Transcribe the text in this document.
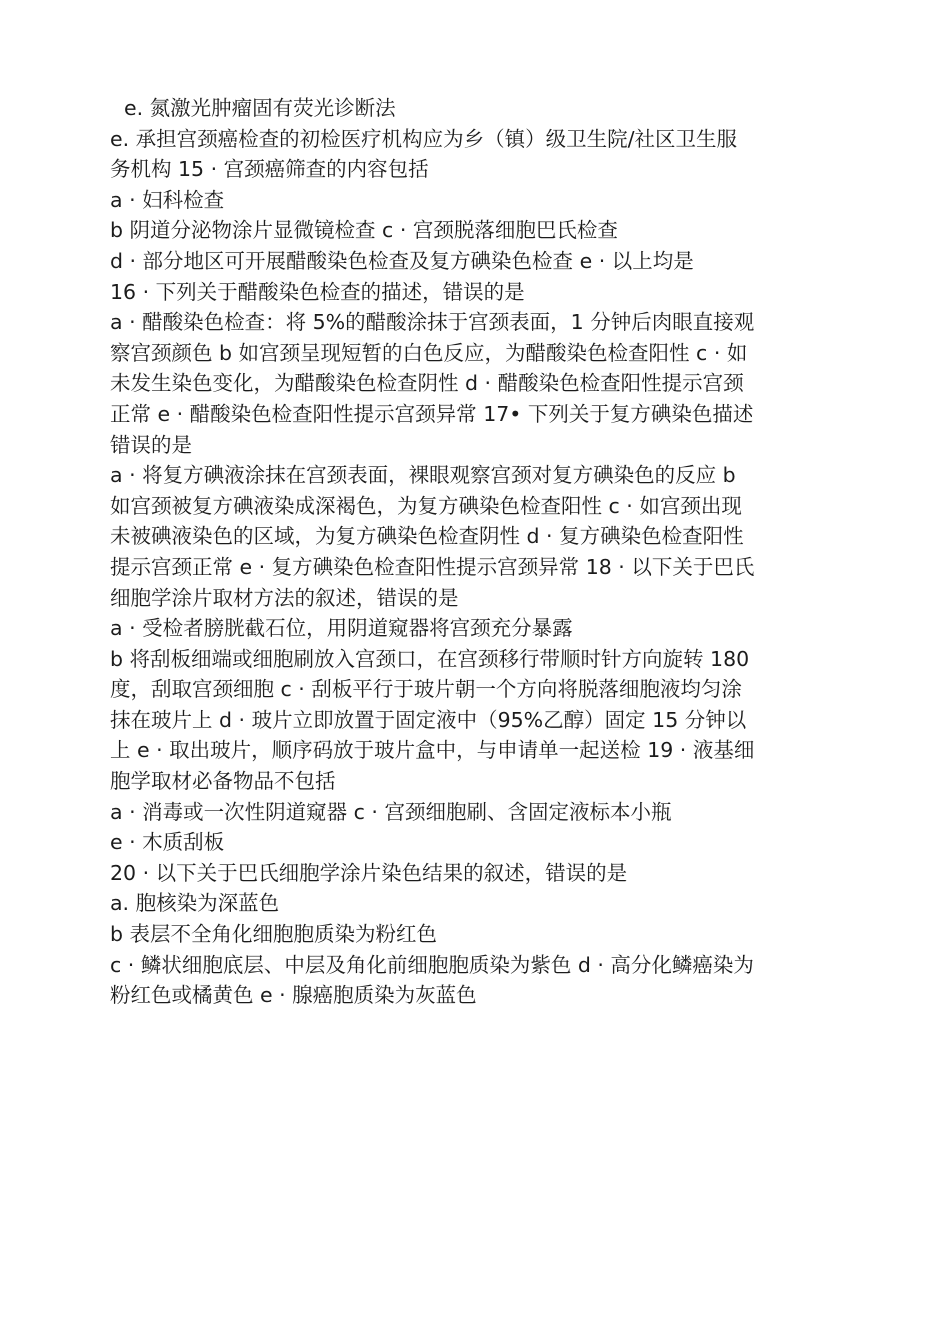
e. 氮激光肿瘤固有荧光诊断法

e. 承担宫颈癌检查的初检医疗机构应为乡（镇）级卫生院/社区卫生服

务机构 15 · 宫颈癌筛查的内容包括

a · 妇科检查

b 阴道分泌物涂片显微镜检查 c · 宫颈脱落细胞巴氏检查

d · 部分地区可开展醋酸染色检查及复方碘染色检查 e · 以上均是

16 · 下列关于醋酸染色检查的描述，错误的是

a · 醋酸染色检查：将 5%的醋酸涂抹于宫颈表面，1 分钟后肉眼直接观

察宫颈颜色 b 如宫颈呈现短暂的白色反应，为醋酸染色检查阳性 c · 如

未发生染色变化，为醋酸染色检查阴性 d · 醋酸染色检查阳性提示宫颈

正常 e · 醋酸染色检查阳性提示宫颈异常 17• 下列关于复方碘染色描述

错误的是

a · 将复方碘液涂抹在宫颈表面，裸眼观察宫颈对复方碘染色的反应 b

如宫颈被复方碘液染成深褐色，为复方碘染色检查阳性 c · 如宫颈出现

未被碘液染色的区域，为复方碘染色检查阴性 d · 复方碘染色检查阳性

提示宫颈正常 e · 复方碘染色检查阳性提示宫颈异常 18 · 以下关于巴氏

细胞学涂片取材方法的叙述，错误的是

a · 受检者膀胱截石位，用阴道窥器将宫颈充分暴露

b 将刮板细端或细胞刷放入宫颈口，在宫颈移行带顺时针方向旋转 180

度，刮取宫颈细胞 c · 刮板平行于玻片朝一个方向将脱落细胞液均匀涂

抹在玻片上 d · 玻片立即放置于固定液中（95%乙醇）固定 15 分钟以

上 e · 取出玻片，顺序码放于玻片盒中，与申请单一起送检 19 · 液基细

胞学取材必备物品不包括

a · 消毒或一次性阴道窥器 c · 宫颈细胞刷、含固定液标本小瓶

e · 木质刮板

20 · 以下关于巴氏细胞学涂片染色结果的叙述，错误的是

a. 胞核染为深蓝色

b 表层不全角化细胞胞质染为粉红色

c · 鳞状细胞底层、中层及角化前细胞胞质染为紫色 d · 高分化鳞癌染为

粉红色或橘黄色 e · 腺癌胞质染为灰蓝色
